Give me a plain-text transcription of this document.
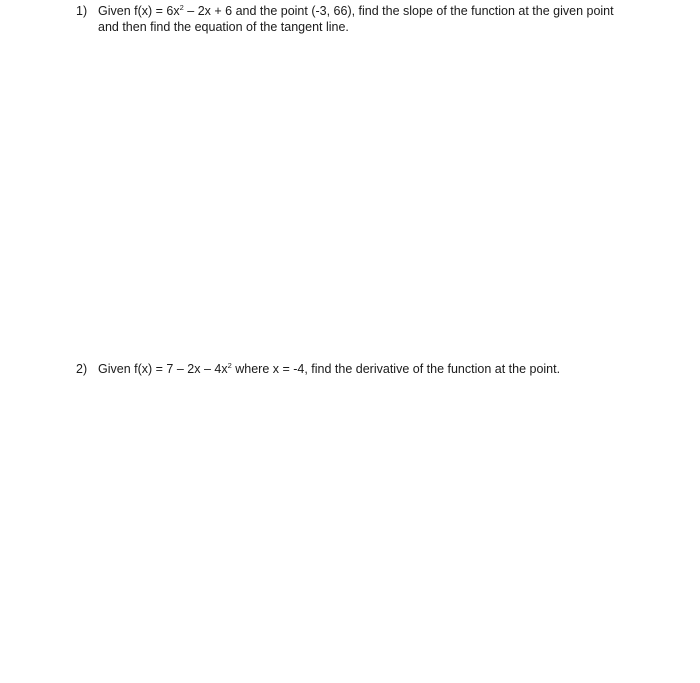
1) Given $f(x) = 6x^2 - 2x + 6$ and the point (-3, 66), find the slope of the function at the given point
and then find the equation of the tangent line.
2) Given $f(x) = 7 - 2x - 4x^2$ where x = -4, find the derivative of the function at the point.
